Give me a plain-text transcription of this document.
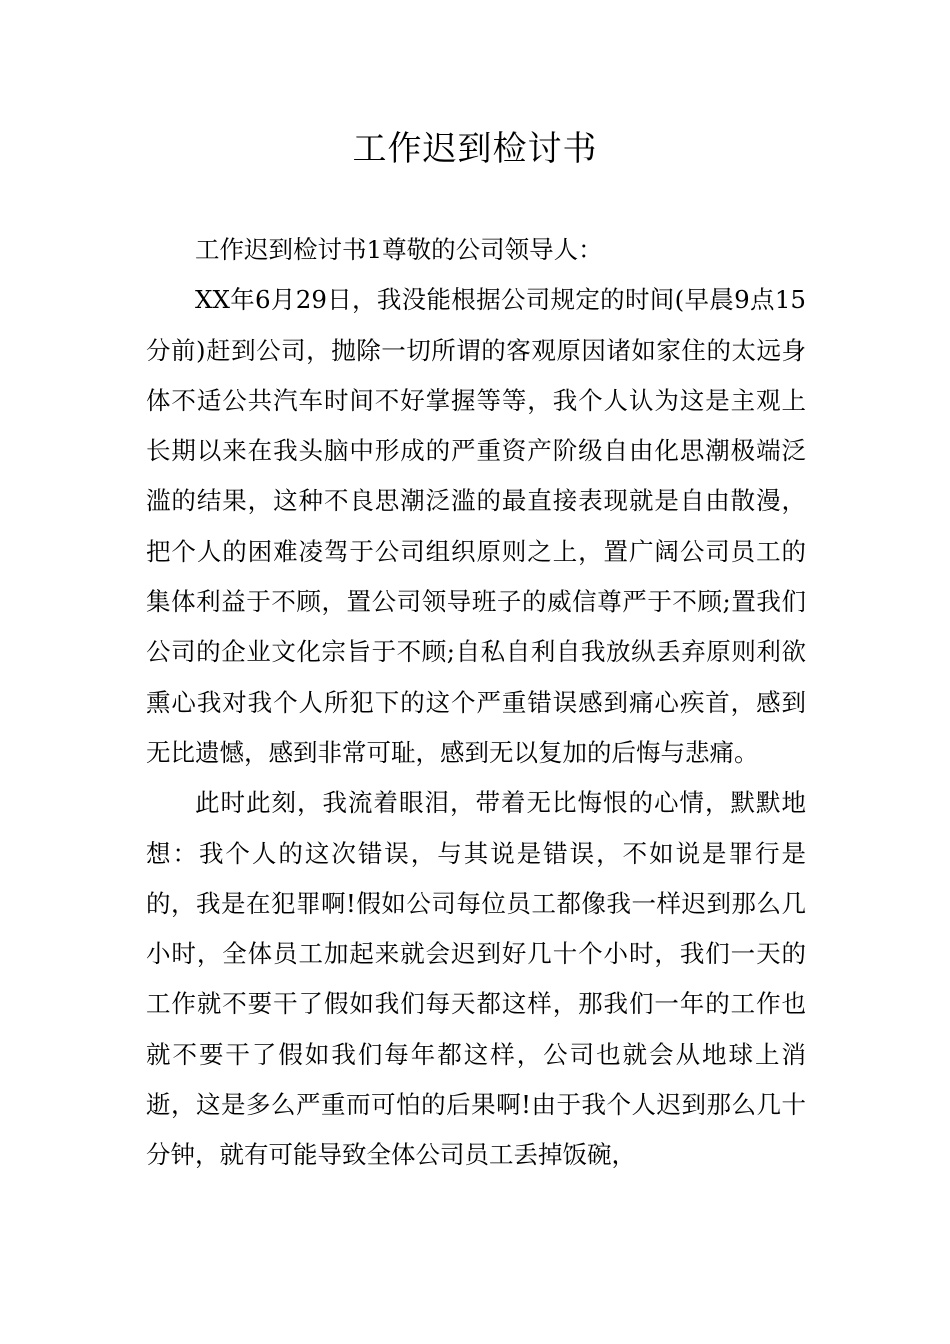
工作迟到检讨书

工作迟到检讨书1尊敬的公司领导人：

XX年6月29日，我没能根据公司规定的时间(早晨9点15分前)赶到公司，抛除一切所谓的客观原因诸如家住的太远身体不适公共汽车时间不好掌握等等，我个人认为这是主观上长期以来在我头脑中形成的严重资产阶级自由化思潮极端泛滥的结果，这种不良思潮泛滥的最直接表现就是自由散漫，把个人的困难凌驾于公司组织原则之上，置广阔公司员工的集体利益于不顾，置公司领导班子的威信尊严于不顾;置我们公司的企业文化宗旨于不顾;自私自利自我放纵丢弃原则利欲熏心我对我个人所犯下的这个严重错误感到痛心疾首，感到无比遗憾，感到非常可耻，感到无以复加的后悔与悲痛。

此时此刻，我流着眼泪，带着无比悔恨的心情，默默地想：我个人的这次错误，与其说是错误，不如说是罪行是的，我是在犯罪啊!假如公司每位员工都像我一样迟到那么几小时，全体员工加起来就会迟到好几十个小时，我们一天的工作就不要干了假如我们每天都这样，那我们一年的工作也就不要干了假如我们每年都这样，公司也就会从地球上消逝，这是多么严重而可怕的后果啊!由于我个人迟到那么几十分钟，就有可能导致全体公司员工丢掉饭碗，
